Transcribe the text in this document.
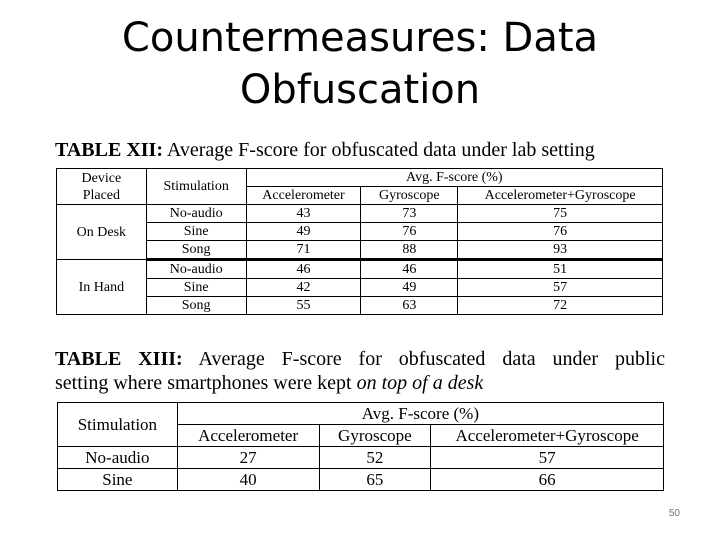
Countermeasures: Data
Obfuscation
TABLE XII: Average F-score for obfuscated data under lab setting
Device
Placed	Stimulation	Avg. F-score (%)		
		Accelerometer	Gyroscope	Accelerometer+Gyroscope
On Desk	No-audio	43	73	75
	Sine	49	76	76
	Song	71	88	93
In Hand	No-audio	46	46	51
	Sine	42	49	57
	Song	55	63	72
TABLE XIII: Average F-score for obfuscated data under public
setting where smartphones were kept on top of a desk
Stimulation	Avg. F-score (%)		
	Accelerometer	Gyroscope	Accelerometer+Gyroscope
No-audio	27	52	57
Sine	40	65	66
50
